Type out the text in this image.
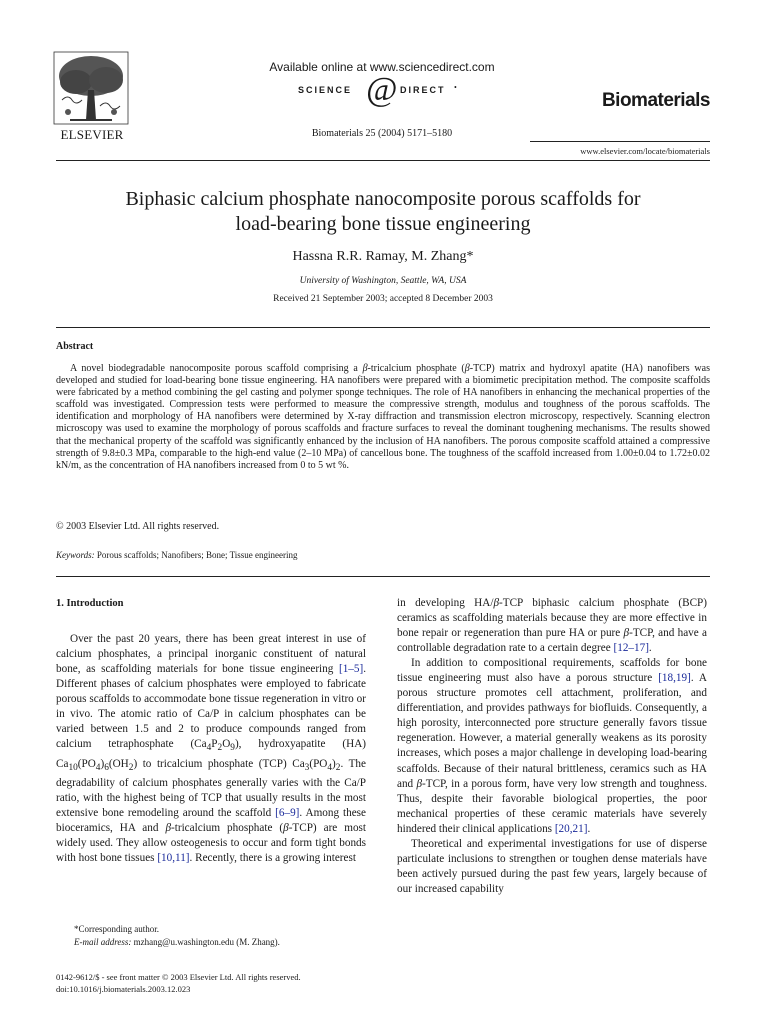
ELSEVIER
Available online at www.sciencedirect.com
SCIENCE @ DIRECT •
Biomaterials 25 (2004) 5171–5180
Biomaterials
www.elsevier.com/locate/biomaterials
Biphasic calcium phosphate nanocomposite porous scaffolds for
load-bearing bone tissue engineering
Hassna R.R. Ramay, M. Zhang*
University of Washington, Seattle, WA, USA
Received 21 September 2003; accepted 8 December 2003
Abstract
A novel biodegradable nanocomposite porous scaffold comprising a β-tricalcium phosphate (β-TCP) matrix and hydroxyl apatite (HA) nanofibers was developed and studied for load-bearing bone tissue engineering. HA nanofibers were prepared with a biomimetic precipitation method. The composite scaffolds were fabricated by a method combining the gel casting and polymer sponge techniques. The role of HA nanofibers in enhancing the mechanical properties of the scaffold was investigated. Compression tests were performed to measure the compressive strength, modulus and toughness of the porous scaffolds. The identification and morphology of HA nanofibers were determined by X-ray diffraction and transmission electron microscopy, respectively. Scanning electron microscopy was used to examine the morphology of porous scaffolds and fracture surfaces to reveal the dominant toughening mechanisms. The results showed that the mechanical property of the scaffold was significantly enhanced by the inclusion of HA nanofibers. The porous composite scaffold attained a compressive strength of 9.8±0.3 MPa, comparable to the high-end value (2–10 MPa) of cancellous bone. The toughness of the scaffold increased from 1.00±0.04 to 1.72±0.02 kN/m, as the concentration of HA nanofibers increased from 0 to 5 wt %.
© 2003 Elsevier Ltd. All rights reserved.
Keywords: Porous scaffolds; Nanofibers; Bone; Tissue engineering
1. Introduction

Over the past 20 years, there has been great interest in use of calcium phosphates, a principal inorganic constituent of natural bone, as scaffolding materials for bone tissue engineering [1–5]. Different phases of calcium phosphates were employed to fabricate porous scaffolds to accommodate bone tissue regeneration in vitro or in vivo. The atomic ratio of Ca/P in calcium phosphates can be varied between 1.5 and 2 to produce compounds ranged from calcium tetraphosphate $(Ca_4P_2O_9)$, hydroxyapatite (HA) $Ca_{10}(PO_4)_6(OH_2)$ to tricalcium phosphate (TCP) $Ca_3(PO_4)_2$. The degradability of calcium phosphates generally varies with the Ca/P ratio, with the highest being of TCP that usually results in the most extensive bone remodeling around the scaffold [6–9]. Among these bioceramics, HA and β-tricalcium phosphate (β-TCP) are most widely used. They allow osteogenesis to occur and form tight bonds with host bone tissues [10,11]. Recently, there is a growing interest

in developing HA/β-TCP biphasic calcium phosphate (BCP) ceramics as scaffolding materials because they are more effective in bone repair or regeneration than pure HA or pure β-TCP, and have a controllable degradation rate to a certain degree [12–17].

In addition to compositional requirements, scaffolds for bone tissue engineering must also have a porous structure [18,19]. A porous structure promotes cell attachment, proliferation, and differentiation, and provides pathways for biofluids. Consequently, a high porosity, interconnected pore structure generally favors tissue regeneration. However, a material generally weakens as its porosity increases, which poses a major challenge in developing load-bearing scaffolds. Because of their natural brittleness, ceramics such as HA and β-TCP, in a porous form, have very low strength and toughness. Thus, despite their favorable biological properties, the poor mechanical properties of these ceramic materials have severely hindered their clinical applications [20,21].

Theoretical and experimental investigations for use of disperse particulate inclusions to strengthen or toughen dense materials have been actively pursued during the past few years, largely because of our increased capability

*Corresponding author.
E-mail address: mzhang@u.washington.edu (M. Zhang).
0142-9612/$ - see front matter © 2003 Elsevier Ltd. All rights reserved.
doi:10.1016/j.biomaterials.2003.12.023
